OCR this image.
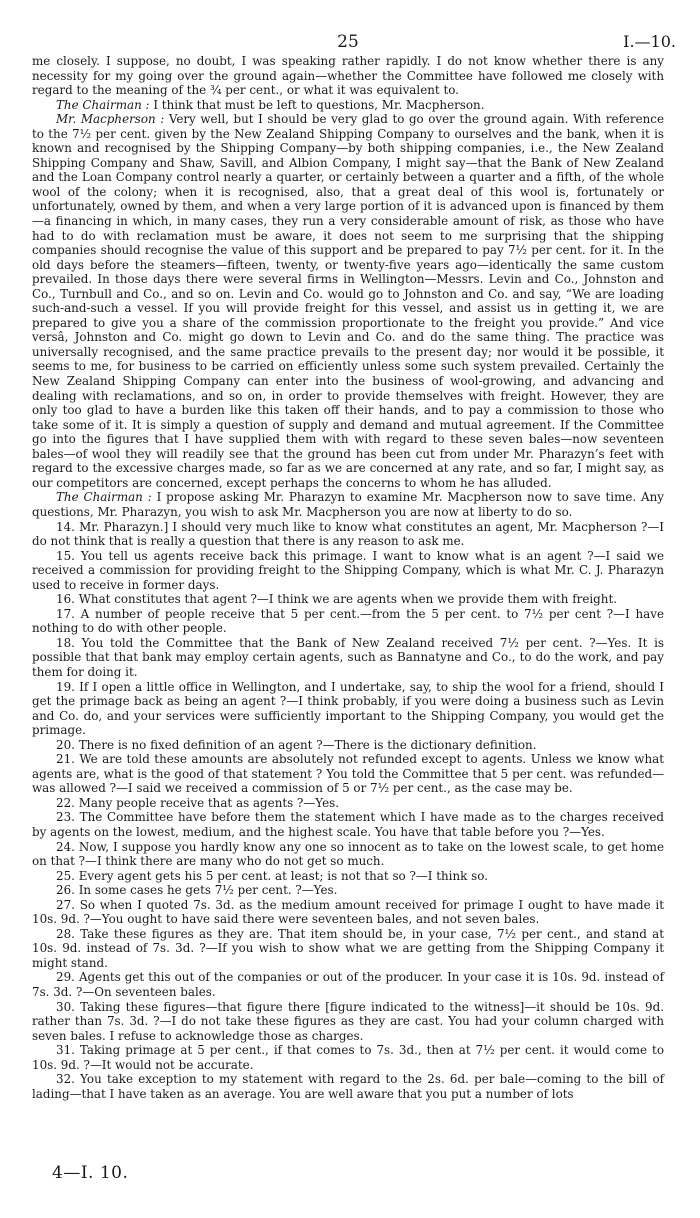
25	I.—10.

me closely. I suppose, no doubt, I was speaking rather rapidly. I do not know whether there is any necessity for my going over the ground again—whether the Committee have followed me closely with regard to the meaning of the ¾ per cent., or what it was equivalent to.

The Chairman : I think that must be left to questions, Mr. Macpherson.

Mr. Macpherson : Very well, but I should be very glad to go over the ground again. With reference to the 7½ per cent. given by the New Zealand Shipping Company to ourselves and the bank, when it is known and recognised by the Shipping Company—by both shipping companies, i.e., the New Zealand Shipping Company and Shaw, Savill, and Albion Company, I might say—that the Bank of New Zealand and the Loan Company control nearly a quarter, or certainly between a quarter and a fifth, of the whole wool of the colony; when it is recognised, also, that a great deal of this wool is, fortunately or unfortunately, owned by them, and when a very large portion of it is advanced upon is financed by them—a financing in which, in many cases, they run a very considerable amount of risk, as those who have had to do with reclamation must be aware, it does not seem to me surprising that the shipping companies should recognise the value of this support and be prepared to pay 7½ per cent. for it. In the old days before the steamers—fifteen, twenty, or twenty-five years ago—identically the same custom prevailed. In those days there were several firms in Wellington—Messrs. Levin and Co., Johnston and Co., Turnbull and Co., and so on. Levin and Co. would go to Johnston and Co. and say, “We are loading such-and-such a vessel. If you will provide freight for this vessel, and assist us in getting it, we are prepared to give you a share of the commission proportionate to the freight you provide.” And vice versâ, Johnston and Co. might go down to Levin and Co. and do the same thing. The practice was universally recognised, and the same practice prevails to the present day; nor would it be possible, it seems to me, for business to be carried on efficiently unless some such system prevailed. Certainly the New Zealand Shipping Company can enter into the business of wool-growing, and advancing and dealing with reclamations, and so on, in order to provide themselves with freight. However, they are only too glad to have a burden like this taken off their hands, and to pay a commission to those who take some of it. It is simply a question of supply and demand and mutual agreement. If the Committee go into the figures that I have supplied them with with regard to these seven bales—now seventeen bales—of wool they will readily see that the ground has been cut from under Mr. Pharazyn’s feet with regard to the excessive charges made, so far as we are concerned at any rate, and so far, I might say, as our competitors are concerned, except perhaps the concerns to whom he has alluded.

The Chairman : I propose asking Mr. Pharazyn to examine Mr. Macpherson now to save time. Any questions, Mr. Pharazyn, you wish to ask Mr. Macpherson you are now at liberty to do so.

14. Mr. Pharazyn.] I should very much like to know what constitutes an agent, Mr. Macpherson ?—I do not think that is really a question that there is any reason to ask me.

15. You tell us agents receive back this primage. I want to know what is an agent ?—I said we received a commission for providing freight to the Shipping Company, which is what Mr. C. J. Pharazyn used to receive in former days.

16. What constitutes that agent ?—I think we are agents when we provide them with freight.

17. A number of people receive that 5 per cent.—from the 5 per cent. to 7½ per cent ?—I have nothing to do with other people.

18. You told the Committee that the Bank of New Zealand received 7½ per cent. ?—Yes. It is possible that that bank may employ certain agents, such as Bannatyne and Co., to do the work, and pay them for doing it.

19. If I open a little office in Wellington, and I undertake, say, to ship the wool for a friend, should I get the primage back as being an agent ?—I think probably, if you were doing a business such as Levin and Co. do, and your services were sufficiently important to the Shipping Company, you would get the primage.

20. There is no fixed definition of an agent ?—There is the dictionary definition.

21. We are told these amounts are absolutely not refunded except to agents. Unless we know what agents are, what is the good of that statement ? You told the Committee that 5 per cent. was refunded—was allowed ?—I said we received a commission of 5 or 7½ per cent., as the case may be.

22. Many people receive that as agents ?—Yes.

23. The Committee have before them the statement which I have made as to the charges received by agents on the lowest, medium, and the highest scale. You have that table before you ?—Yes.

24. Now, I suppose you hardly know any one so innocent as to take on the lowest scale, to get home on that ?—I think there are many who do not get so much.

25. Every agent gets his 5 per cent. at least; is not that so ?—I think so.

26. In some cases he gets 7½ per cent. ?—Yes.

27. So when I quoted 7s. 3d. as the medium amount received for primage I ought to have made it 10s. 9d. ?—You ought to have said there were seventeen bales, and not seven bales.

28. Take these figures as they are. That item should be, in your case, 7½ per cent., and stand at 10s. 9d. instead of 7s. 3d. ?—If you wish to show what we are getting from the Shipping Company it might stand.

29. Agents get this out of the companies or out of the producer. In your case it is 10s. 9d. instead of 7s. 3d. ?—On seventeen bales.

30. Taking these figures—that figure there [figure indicated to the witness]—it should be 10s. 9d. rather than 7s. 3d. ?—I do not take these figures as they are cast. You had your column charged with seven bales. I refuse to acknowledge those as charges.

31. Taking primage at 5 per cent., if that comes to 7s. 3d., then at 7½ per cent. it would come to 10s. 9d. ?—It would not be accurate.

32. You take exception to my statement with regard to the 2s. 6d. per bale—coming to the bill of lading—that I have taken as an average. You are well aware that you put a number of lots

4—I. 10.
